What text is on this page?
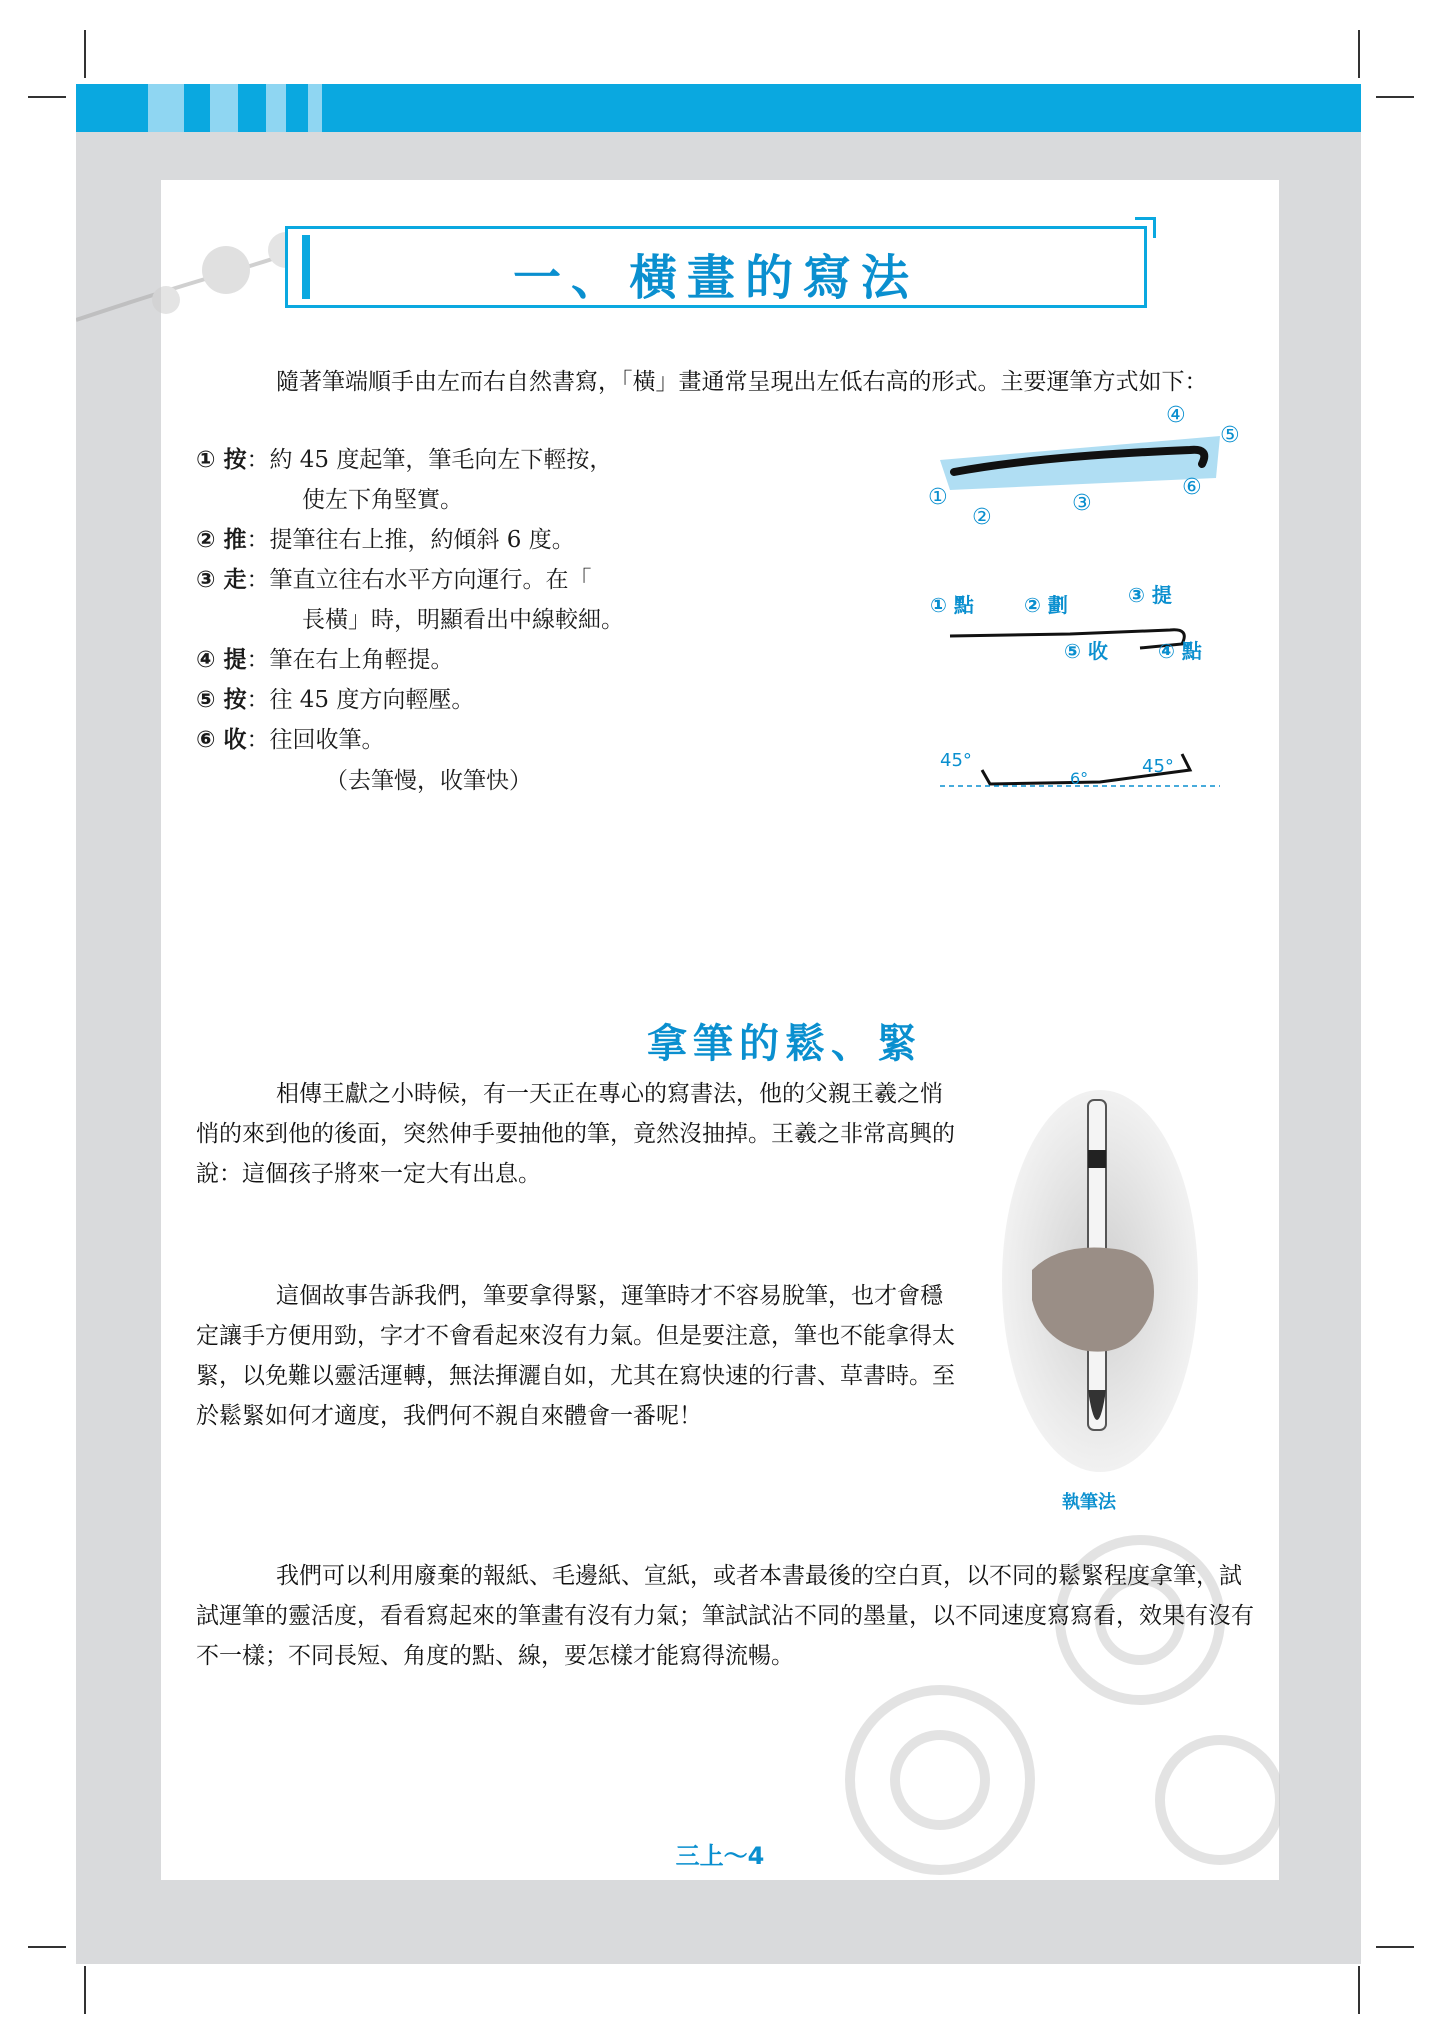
一、橫畫的寫法
隨著筆端順手由左而右自然書寫，「橫」畫通常呈現出左低右高的形式。主要運筆方式如下：
① 按：約 45 度起筆，筆毛向左下輕按，
使左下角堅實。
② 推：提筆往右上推，約傾斜 6 度。
③ 走：筆直立往右水平方向運行。在「
長橫」時，明顯看出中線較細。
④ 提：筆在右上角輕提。
⑤ 按：往 45 度方向輕壓。
⑥ 收：往回收筆。
（去筆慢，收筆快）
④
⑤
①
②
③
⑥
① 點	② 劃	③ 提
⑤ 收	④ 點
45°
6°
45°
拿筆的鬆、緊
相傳王獻之小時候，有一天正在專心的寫書法，他的父親王羲之悄悄的來到他的後面，突然伸手要抽他的筆，竟然沒抽掉。王羲之非常高興的說：這個孩子將來一定大有出息。
這個故事告訴我們，筆要拿得緊，運筆時才不容易脫筆，也才會穩定讓手方便用勁，字才不會看起來沒有力氣。但是要注意，筆也不能拿得太緊，以免難以靈活運轉，無法揮灑自如，尤其在寫快速的行書、草書時。至於鬆緊如何才適度，我們何不親自來體會一番呢！
執筆法
我們可以利用廢棄的報紙、毛邊紙、宣紙，或者本書最後的空白頁，以不同的鬆緊程度拿筆，試試運筆的靈活度，看看寫起來的筆畫有沒有力氣；筆試試沾不同的墨量，以不同速度寫寫看，效果有沒有不一樣；不同長短、角度的點、線，要怎樣才能寫得流暢。
三上～4
